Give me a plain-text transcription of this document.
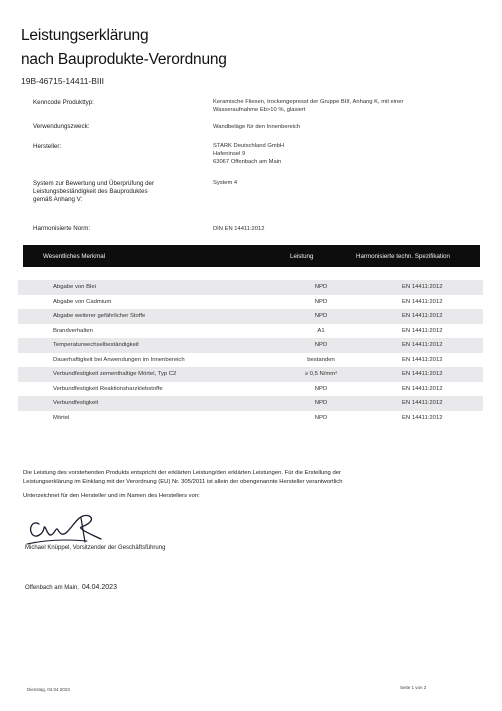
Leistungserklärung
nach Bauprodukte-Verordnung
19B-46715-14411-BIII
Kenncode Produkttyp:	Keramische Fliesen, trockengepresst der Gruppe BIII, Anhang K, mit einer Wasseraufnahme Eb>10 %, glasiert
Verwendungszweck:	Wandbeläge für den Innenbereich
Hersteller:	STARK Deutschland GmbH
Hafeninsel 9
63067 Offenbach am Main
System zur Bewertung und Überprüfung der
Leistungsbeständigkeit des Bauproduktes
gemäß Anhang V:
System 4
Harmonisierte Norm:	DIN EN 14411:2012
Wesentliches Merkmal	Leistung	Harmonisierte techn. Spezifikation
Abgabe von Blei	NPD	EN 14411:2012
Abgabe von Cadmium	NPD	EN 14411:2012
Abgabe weiterer gefährlicher Stoffe	NPD	EN 14411:2012
Brandverhalten	A1	EN 14411:2012
Temperaturwechselbeständigkeit	NPD	EN 14411:2012
Dauerhaftigkeit bei Anwendungen im Innenbereich	bestanden	EN 14411:2012
Verbundfestigkeit zementhaltige Mörtel, Typ C2	≥ 0,5 N/mm²	EN 14411:2012
Verbundfestigkeit Reaktionsharzklebstoffe	NPD	EN 14411:2012
Verbundfestigkeit	NPD	EN 14411:2012
Mörtel	NPD	EN 14411:2012
Die Leistung des vorstehenden Produkts entspricht der erklärten Leistung/den erklärten Leistungen. Für die Erstellung der
Leistungserklärung im Einklang mit der Verordnung (EU) Nr. 305/2011 ist allein der obengenannte Hersteller verantwortlich
Unterzeichnet für den Hersteller und im Namen des Herstellers von:
Michael Knüppel, Vorsitzender der Geschäftsführung
Offenbach am Main, 04.04.2023
Dienstag, 04.04.2023	Seite 1 von 2
